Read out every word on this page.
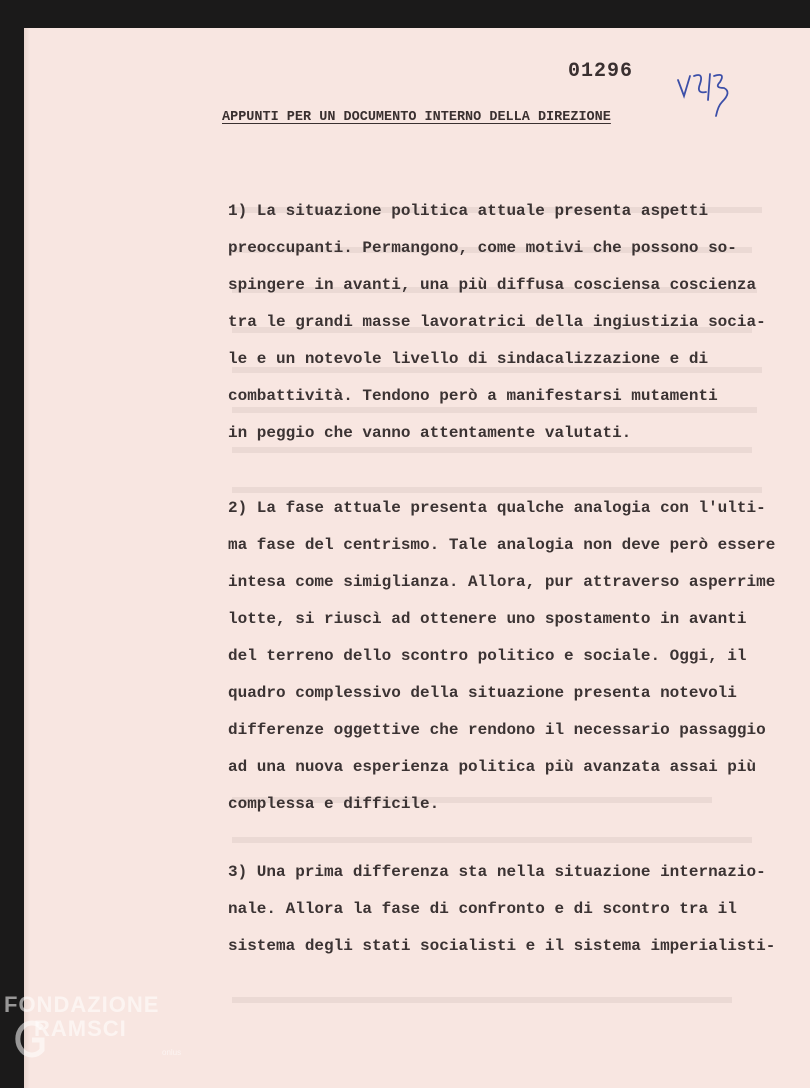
01296
APPUNTI PER UN DOCUMENTO INTERNO DELLA DIREZIONE
1) La situazione politica attuale presenta aspetti
preoccupanti. Permangono, come motivi che possono so-
spingere in avanti, una più diffusa cosciensa coscienza
tra le grandi masse lavoratrici della ingiustizia socia-
le e un notevole livello di sindacalizzazione e di
combattività. Tendono però a manifestarsi mutamenti
in peggio che vanno attentamente valutati.
2) La fase attuale presenta qualche analogia con l'ulti-
ma fase del centrismo. Tale analogia non deve però essere
intesa come simiglianza. Allora, pur attraverso asperrime
lotte, si riuscì ad ottenere uno spostamento in avanti
del terreno dello scontro politico e sociale. Oggi, il
quadro complessivo della situazione presenta notevoli
differenze oggettive che rendono il necessario passaggio
ad una nuova esperienza politica più avanzata assai più
complessa e difficile.
3) Una prima differenza sta nella situazione internazio-
nale. Allora la fase di confronto e di scontro tra il
sistema degli stati socialisti e il sistema imperialisti-
FONDAZIONE
RAMSCI
onlus
